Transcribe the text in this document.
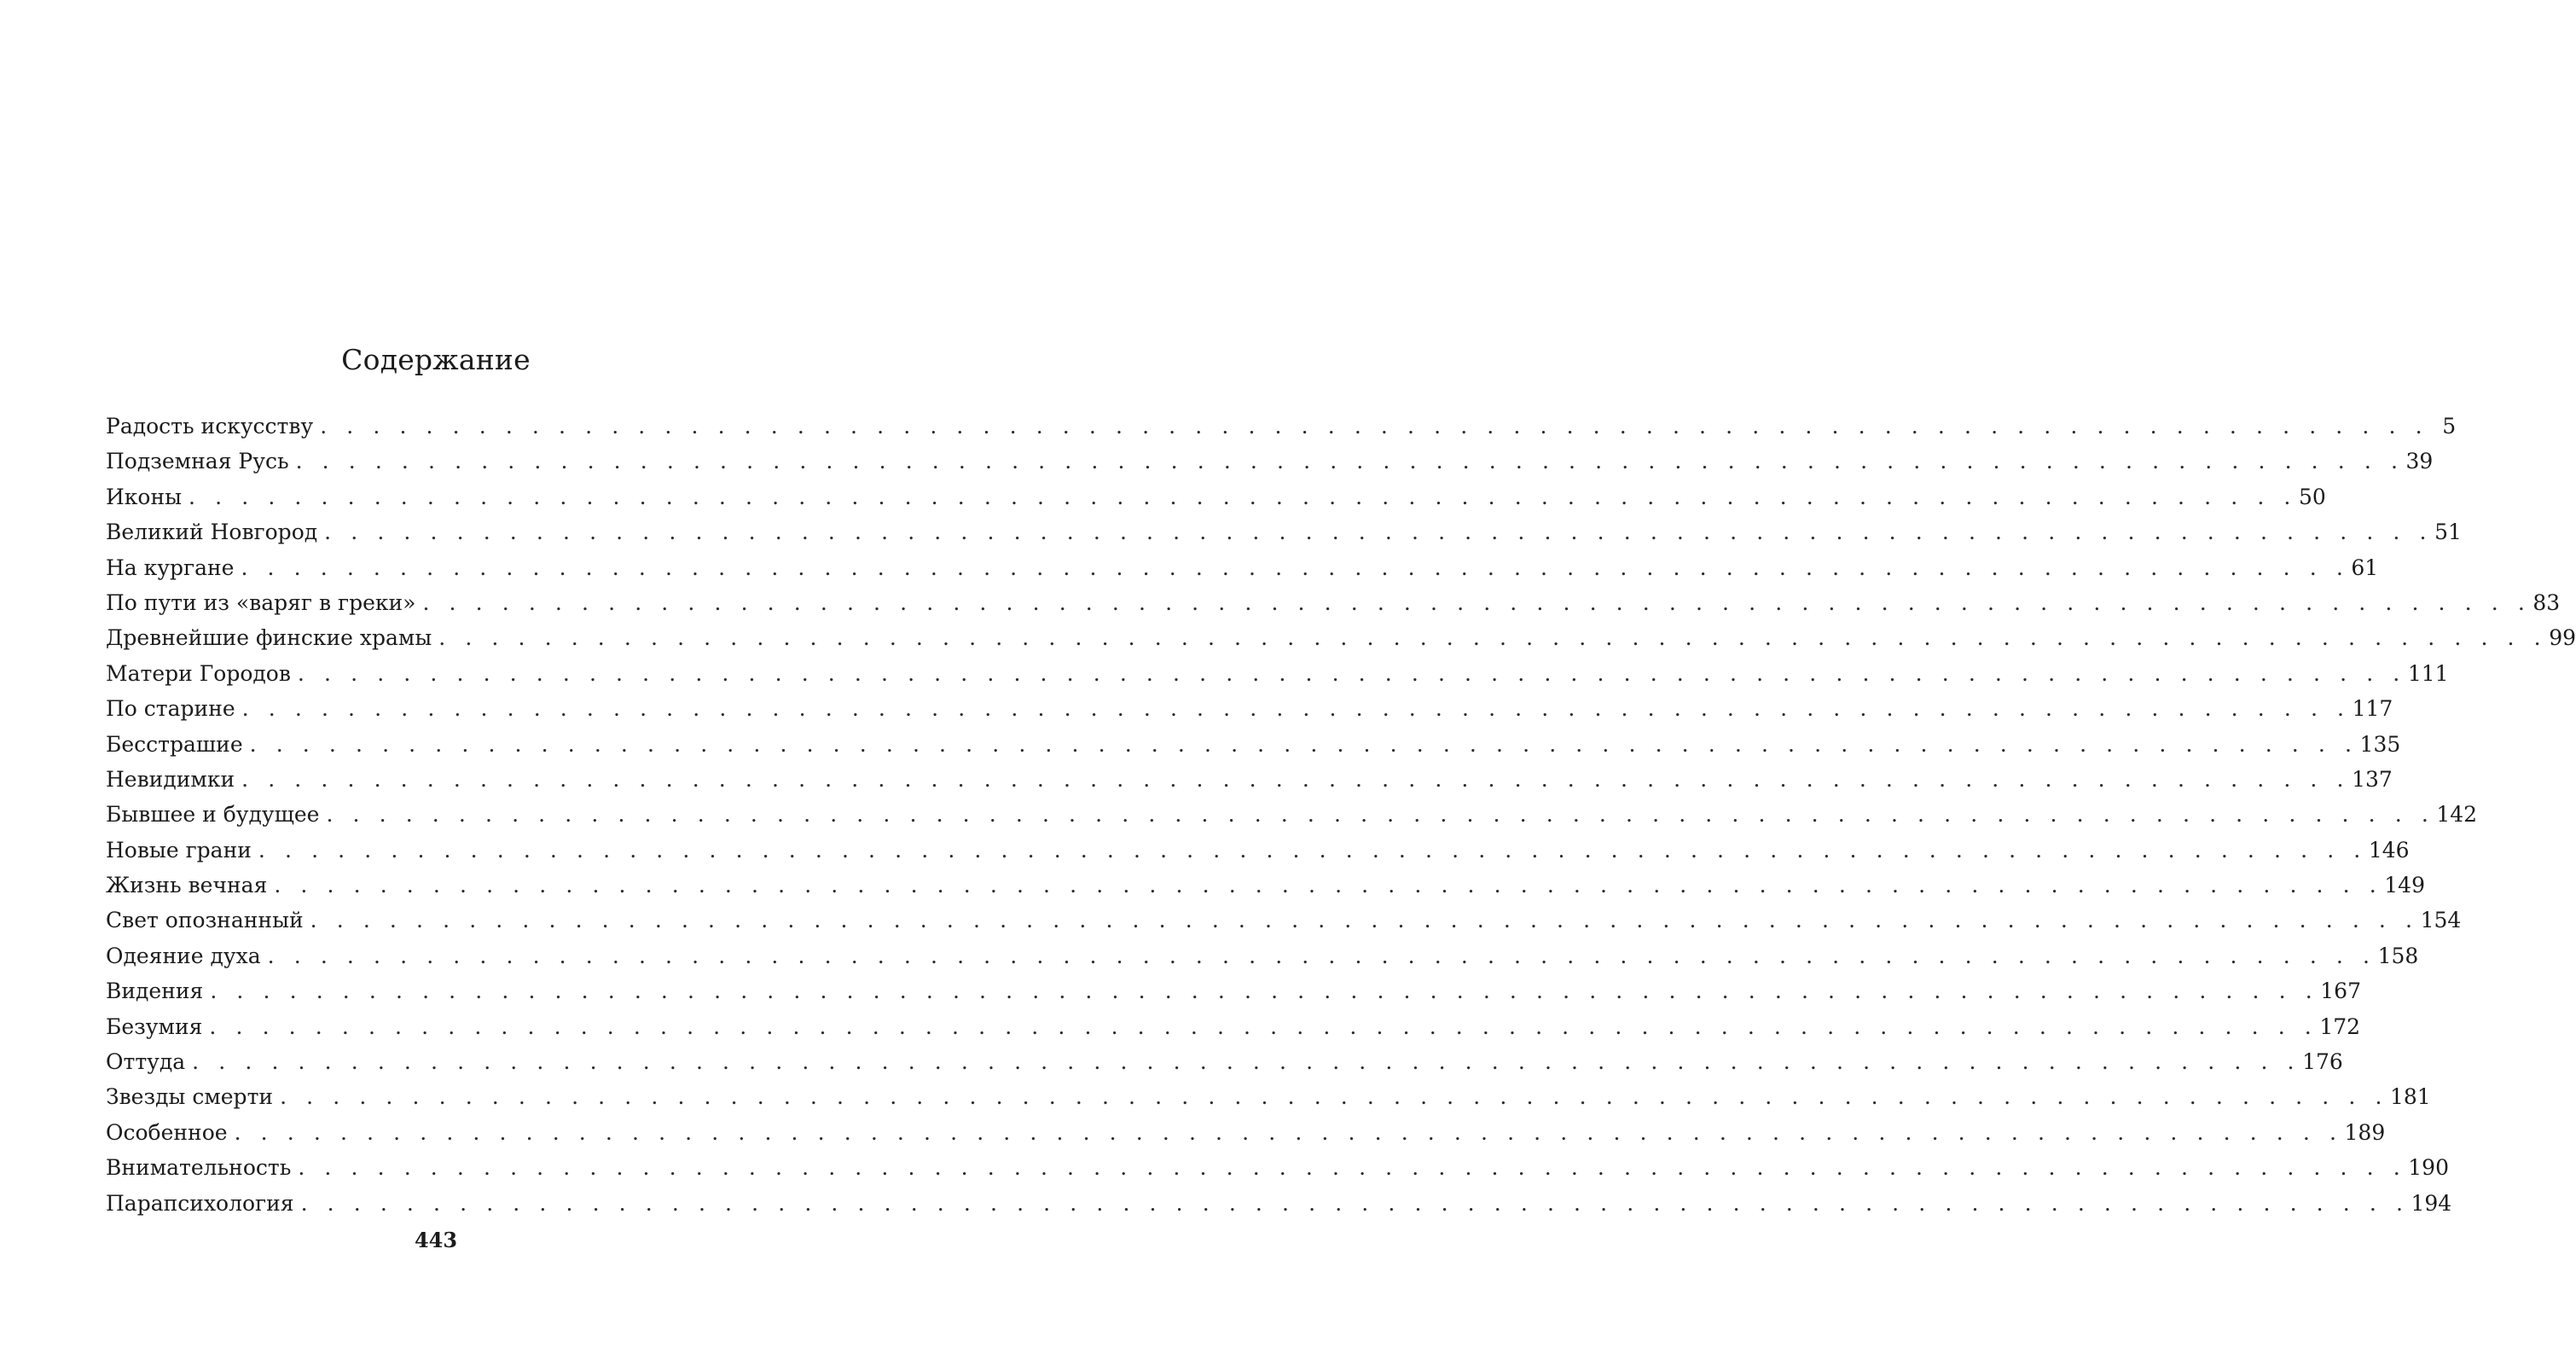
Содержание
Радость искусству . . . . . . . . . . . . . . . . . . . . . . . . . . . . . . . . . . . . . . . . . . . . . . . . . . . . . . . . . . . . . . . . . . . . . . . . . . . . . . . . 5
Подземная Русь . . . . . . . . . . . . . . . . . . . . . . . . . . . . . . . . . . . . . . . . . . . . . . . . . . . . . . . . . . . . . . . . . . . . . . . . . . . . . . . . 39
Иконы . . . . . . . . . . . . . . . . . . . . . . . . . . . . . . . . . . . . . . . . . . . . . . . . . . . . . . . . . . . . . . . . . . . . . . . . . . . . . . . . 50
Великий Новгород . . . . . . . . . . . . . . . . . . . . . . . . . . . . . . . . . . . . . . . . . . . . . . . . . . . . . . . . . . . . . . . . . . . . . . . . . . . . . . . . 51
На кургане . . . . . . . . . . . . . . . . . . . . . . . . . . . . . . . . . . . . . . . . . . . . . . . . . . . . . . . . . . . . . . . . . . . . . . . . . . . . . . . . 61
По пути из «варяг в греки» . . . . . . . . . . . . . . . . . . . . . . . . . . . . . . . . . . . . . . . . . . . . . . . . . . . . . . . . . . . . . . . . . . . . . . . . . . . . . . . . 83
Древнейшие финские храмы . . . . . . . . . . . . . . . . . . . . . . . . . . . . . . . . . . . . . . . . . . . . . . . . . . . . . . . . . . . . . . . . . . . . . . . . . . . . . . . . 99
Матери Городов . . . . . . . . . . . . . . . . . . . . . . . . . . . . . . . . . . . . . . . . . . . . . . . . . . . . . . . . . . . . . . . . . . . . . . . . . . . . . . . . 111
По старине . . . . . . . . . . . . . . . . . . . . . . . . . . . . . . . . . . . . . . . . . . . . . . . . . . . . . . . . . . . . . . . . . . . . . . . . . . . . . . . . 117
Бесстрашие . . . . . . . . . . . . . . . . . . . . . . . . . . . . . . . . . . . . . . . . . . . . . . . . . . . . . . . . . . . . . . . . . . . . . . . . . . . . . . . . 135
Невидимки . . . . . . . . . . . . . . . . . . . . . . . . . . . . . . . . . . . . . . . . . . . . . . . . . . . . . . . . . . . . . . . . . . . . . . . . . . . . . . . . 137
Бывшее и будущее . . . . . . . . . . . . . . . . . . . . . . . . . . . . . . . . . . . . . . . . . . . . . . . . . . . . . . . . . . . . . . . . . . . . . . . . . . . . . . . . 142
Новые грани . . . . . . . . . . . . . . . . . . . . . . . . . . . . . . . . . . . . . . . . . . . . . . . . . . . . . . . . . . . . . . . . . . . . . . . . . . . . . . . . 146
Жизнь вечная . . . . . . . . . . . . . . . . . . . . . . . . . . . . . . . . . . . . . . . . . . . . . . . . . . . . . . . . . . . . . . . . . . . . . . . . . . . . . . . . 149
Свет опознанный . . . . . . . . . . . . . . . . . . . . . . . . . . . . . . . . . . . . . . . . . . . . . . . . . . . . . . . . . . . . . . . . . . . . . . . . . . . . . . . . 154
Одеяние духа . . . . . . . . . . . . . . . . . . . . . . . . . . . . . . . . . . . . . . . . . . . . . . . . . . . . . . . . . . . . . . . . . . . . . . . . . . . . . . . . 158
Видения . . . . . . . . . . . . . . . . . . . . . . . . . . . . . . . . . . . . . . . . . . . . . . . . . . . . . . . . . . . . . . . . . . . . . . . . . . . . . . . . 167
Безумия . . . . . . . . . . . . . . . . . . . . . . . . . . . . . . . . . . . . . . . . . . . . . . . . . . . . . . . . . . . . . . . . . . . . . . . . . . . . . . . . 172
Оттуда . . . . . . . . . . . . . . . . . . . . . . . . . . . . . . . . . . . . . . . . . . . . . . . . . . . . . . . . . . . . . . . . . . . . . . . . . . . . . . . . 176
Звезды смерти . . . . . . . . . . . . . . . . . . . . . . . . . . . . . . . . . . . . . . . . . . . . . . . . . . . . . . . . . . . . . . . . . . . . . . . . . . . . . . . . 181
Особенное . . . . . . . . . . . . . . . . . . . . . . . . . . . . . . . . . . . . . . . . . . . . . . . . . . . . . . . . . . . . . . . . . . . . . . . . . . . . . . . . 189
Внимательность . . . . . . . . . . . . . . . . . . . . . . . . . . . . . . . . . . . . . . . . . . . . . . . . . . . . . . . . . . . . . . . . . . . . . . . . . . . . . . . . 190
Парапсихология . . . . . . . . . . . . . . . . . . . . . . . . . . . . . . . . . . . . . . . . . . . . . . . . . . . . . . . . . . . . . . . . . . . . . . . . . . . . . . . . 194
443
